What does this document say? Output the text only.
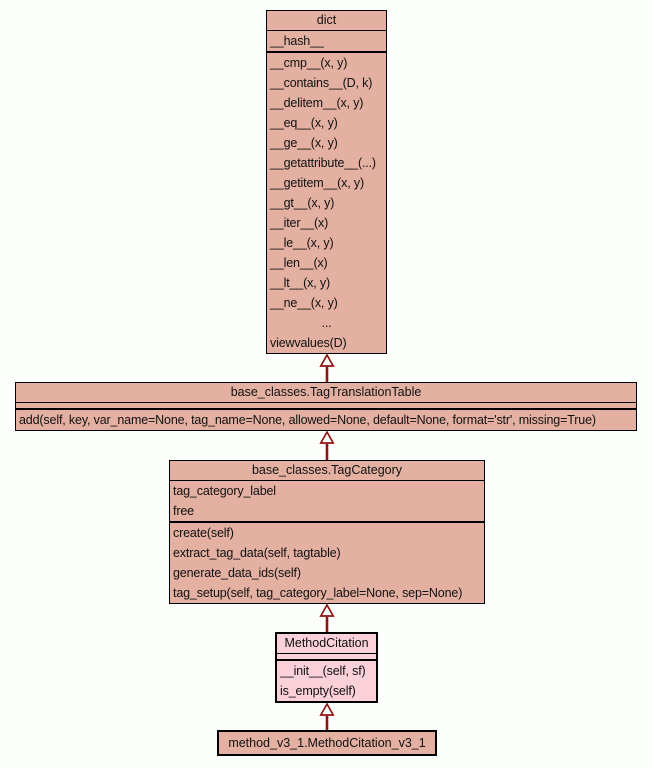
dict
__hash__
__cmp__(x, y)
__contains__(D, k)
__delitem__(x, y)
__eq__(x, y)
__ge__(x, y)
__getattribute__(...)
__getitem__(x, y)
__gt__(x, y)
__iter__(x)
__le__(x, y)
__len__(x)
__lt__(x, y)
__ne__(x, y)
...
viewvalues(D)
base_classes.TagTranslationTable
add(self, key, var_name=None, tag_name=None, allowed=None, default=None, format='str', missing=True)
base_classes.TagCategory
tag_category_label
free
create(self)
extract_tag_data(self, tagtable)
generate_data_ids(self)
tag_setup(self, tag_category_label=None, sep=None)
MethodCitation
__init__(self, sf)
is_empty(self)
method_v3_1.MethodCitation_v3_1
